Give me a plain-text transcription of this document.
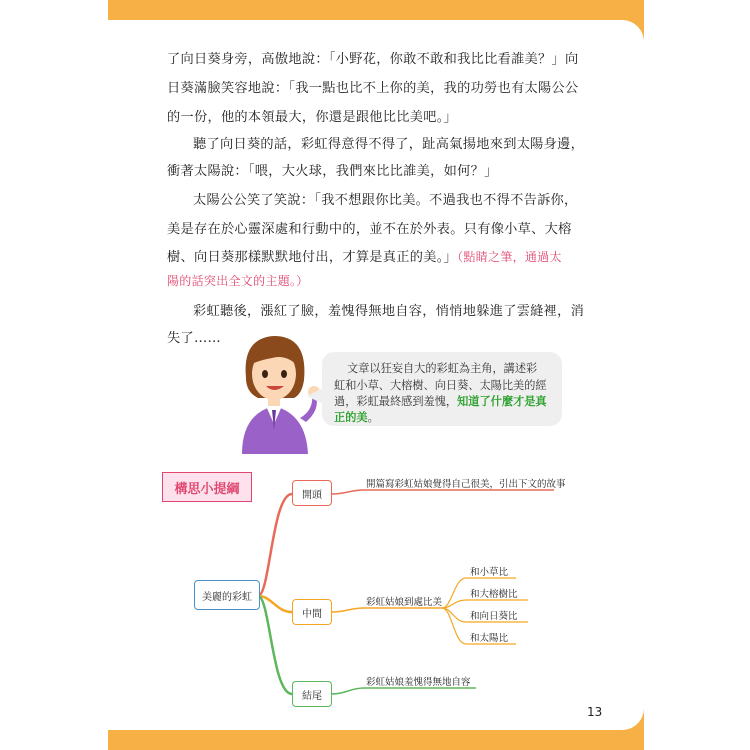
了向日葵身旁，高傲地說：「小野花，你敢不敢和我比比看誰美？」向
日葵滿臉笑容地說：「我一點也比不上你的美，我的功勞也有太陽公公
的一份，他的本領最大，你還是跟他比比美吧。」
聽了向日葵的話，彩虹得意得不得了，趾高氣揚地來到太陽身邊，
衝著太陽說：「喂，大火球，我們來比比誰美，如何？」
太陽公公笑了笑說：「我不想跟你比美。不過我也不得不告訴你，
美是存在於心靈深處和行動中的，並不在於外表。只有像小草、大榕
樹、向日葵那樣默默地付出，才算是真正的美。」（點睛之筆，通過太
陽的話突出全文的主題。）
彩虹聽後，漲紅了臉，羞愧得無地自容，悄悄地躲進了雲縫裡，消
失了……
文章以狂妄自大的彩虹為主角，講述彩
虹和小草、大榕樹、向日葵、太陽比美的經
過，彩虹最終感到羞愧，知道了什麼才是真
正的美。
構思小提綱
美麗的彩虹
開頭
中間
結尾
開篇寫彩虹姑娘覺得自己很美，引出下文的故事
彩虹姑娘到處比美
彩虹姑娘羞愧得無地自容
和小草比
和大榕樹比
和向日葵比
和太陽比
13
